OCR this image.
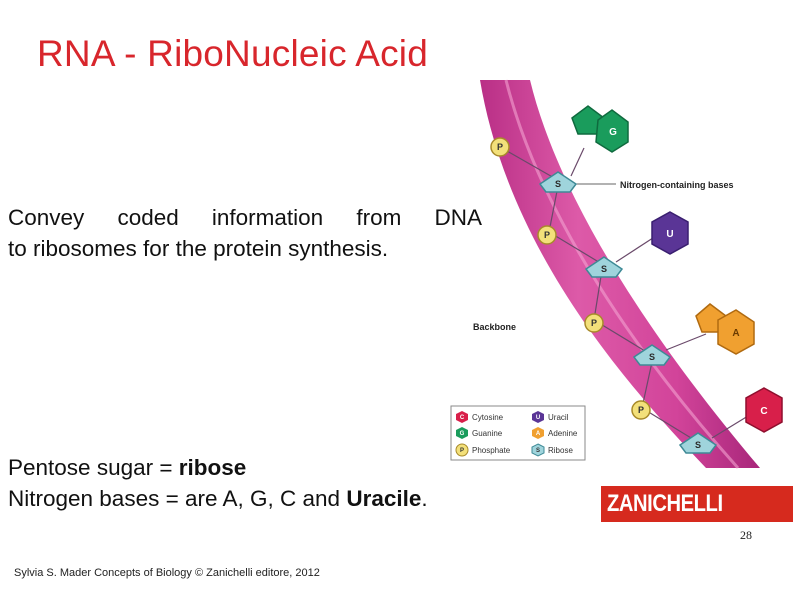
RNA - RiboNucleic Acid
Convey coded information from DNA
to ribosomes for the protein synthesis.
Pentose sugar = ribose
Nitrogen bases = are A, G, C and Uracile.
P
P
P
P
S
S
S
S
G
U
A
C
Nitrogen-containing bases
Backbone
C	U
G	A
P	S
Cytosine	Uracil
Guanine	Adenine
Phosphate	Ribose
ZANICHELLI
28
Sylvia S. Mader Concepts of Biology © Zanichelli editore, 2012
